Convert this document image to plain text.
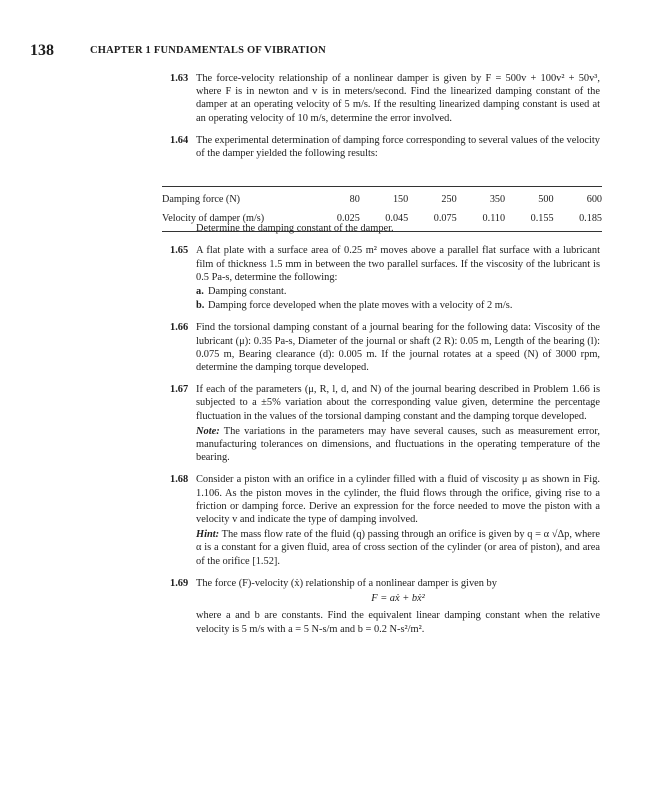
138	CHAPTER 1 FUNDAMENTALS OF VIBRATION
1.63 The force-velocity relationship of a nonlinear damper is given by F = 500v + 100v² + 50v³, where F is in newton and v is in meters/second. Find the linearized damping constant of the damper at an operating velocity of 5 m/s. If the resulting linearized damping constant is used at an operating velocity of 10 m/s, determine the error involved.
1.64 The experimental determination of damping force corresponding to several values of the velocity of the damper yielded the following results:
Determine the damping constant of the damper.
1.65 A flat plate with a surface area of 0.25 m² moves above a parallel flat surface with a lubricant film of thickness 1.5 mm in between the two parallel surfaces. If the viscosity of the lubricant is 0.5 Pa-s, determine the following:
a. Damping constant.
b. Damping force developed when the plate moves with a velocity of 2 m/s.
1.66 Find the torsional damping constant of a journal bearing for the following data: Viscosity of the lubricant (μ): 0.35 Pa-s, Diameter of the journal or shaft (2 R): 0.05 m, Length of the bearing (l): 0.075 m, Bearing clearance (d): 0.005 m. If the journal rotates at a speed (N) of 3000 rpm, determine the damping torque developed.
1.67 If each of the parameters (μ, R, l, d, and N) of the journal bearing described in Problem 1.66 is subjected to a ±5% variation about the corresponding value given, determine the percentage fluctuation in the values of the torsional damping constant and the damping torque developed.
Note: The variations in the parameters may have several causes, such as measurement error, manufacturing tolerances on dimensions, and fluctuations in the operating temperature of the bearing.
1.68 Consider a piston with an orifice in a cylinder filled with a fluid of viscosity μ as shown in Fig. 1.106. As the piston moves in the cylinder, the fluid flows through the orifice, giving rise to a friction or damping force. Derive an expression for the force needed to move the piston with a velocity v and indicate the type of damping involved.
Hint: The mass flow rate of the fluid (q) passing through an orifice is given by q = α √Δp, where α is a constant for a given fluid, area of cross section of the cylinder (or area of piston), and area of the orifice [1.52].
1.69 The force (F)-velocity (ẋ) relationship of a nonlinear damper is given by
F = aẋ + bẋ²
where a and b are constants. Find the equivalent linear damping constant when the relative velocity is 5 m/s with a = 5 N-s/m and b = 0.2 N-s²/m².
Damping force (N)	80	150	250	350	500	600
Velocity of damper (m/s)	0.025	0.045	0.075	0.110	0.155	0.185
